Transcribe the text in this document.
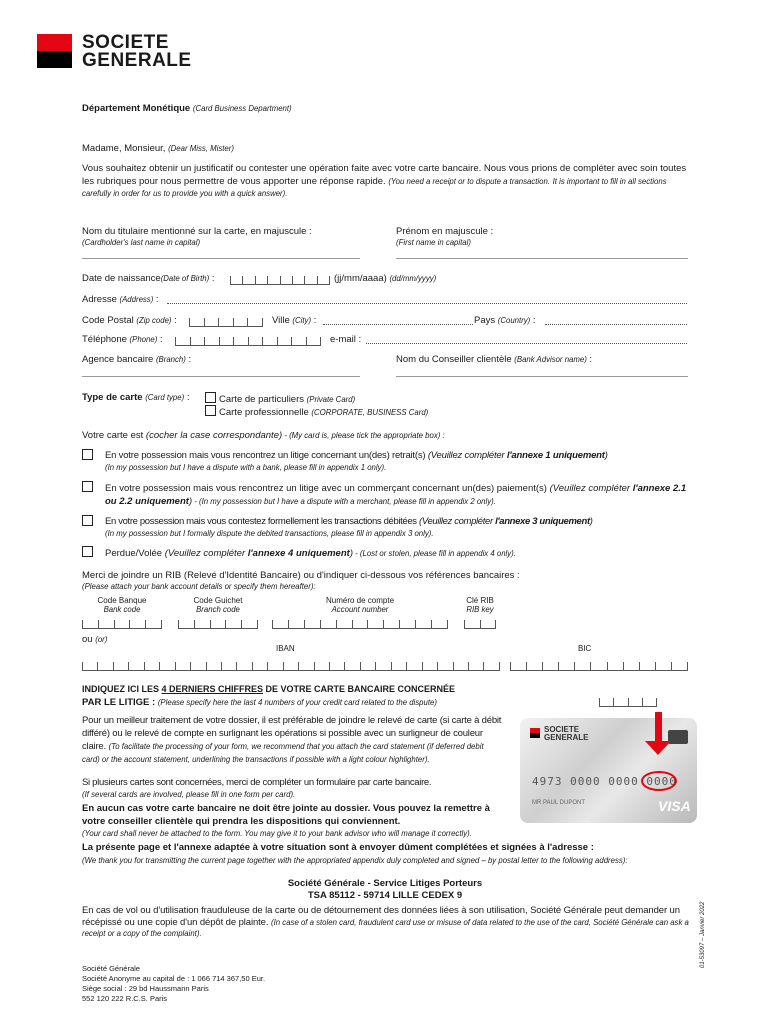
SOCIETE
GENERALE
Département Monétique (Card Business Department)
Madame, Monsieur, (Dear Miss, Mister)
Vous souhaitez obtenir un justificatif ou contester une opération faite avec votre carte bancaire. Nous vous prions de compléter avec soin toutes les rubriques pour nous permettre de vous apporter une réponse rapide. (You need a receipt or to dispute a transaction. It is important to fill in all sections carefully in order for us to provide you with a quick answer).
Nom du titulaire mentionné sur la carte, en majuscule :
(Cardholder's last name in capital)
Prénom en majuscule :
(First name in capital)
Date de naissance(Date of Birth) :	(jj/mm/aaaa) (dd/mm/yyyy)
Adresse (Address) :
Code Postal (Zip code) :	Ville (City) :	Pays (Country) :
Téléphone (Phone) :	e-mail :
Agence bancaire (Branch) :	Nom du Conseiller clientèle (Bank Advisor name) :
Type de carte (Card type) :	Carte de particuliers (Private Card)
Carte professionnelle (CORPORATE, BUSINESS Card)
Votre carte est (cocher la case correspondante) - (My card is, please tick the appropriate box) :
En votre possession mais vous rencontrez un litige concernant un(des) retrait(s) (Veuillez compléter l'annexe 1 uniquement)
(In my possession but I have a dispute with a bank, please fill in appendix 1 only).
En votre possession mais vous rencontrez un litige avec un commerçant concernant un(des) paiement(s) (Veuillez compléter l'annexe 2.1 ou 2.2 uniquement) - (In my possession but I have a dispute with a merchant, please fill in appendix 2 only).
En votre possession mais vous contestez formellement les transactions débitées (Veuillez compléter l'annexe 3 uniquement)
(In my possession but I formally dispute the debited transactions, please fill in appendix 3 only).
Perdue/Volée (Veuillez compléter l'annexe 4 uniquement) - (Lost or stolen, please fill in appendix 4 only).
Merci de joindre un RIB (Relevé d'Identité Bancaire) ou d'indiquer ci-dessous vos références bancaires :
(Please attach your bank account details or specify them hereafter):
Code Banque
Bank code
Code Guichet
Branch code
Numéro de compte
Account number
Clé RIB
RIB key
ou (or)
IBAN	BIC
INDIQUEZ ICI LES 4 DERNIERS CHIFFRES DE VOTRE CARTE BANCAIRE CONCERNÉE
PAR LE LITIGE : (Please specify here the last 4 numbers of your credit card related to the dispute)
Pour un meilleur traitement de votre dossier, il est préférable de joindre le relevé de carte (si carte à débit différé) ou le relevé de compte en surlignant les opérations si possible avec un surligneur de couleur claire. (To facilitate the processing of your form, we recommend that you attach the card statement (if deferred debit card) or the account statement, underlining the transactions if possible with a light colour highlighter).
Si plusieurs cartes sont concernées, merci de compléter un formulaire par carte bancaire.
(If several cards are involved, please fill in one form per card).
SOCIETE
GENERALE
4973 0000 0000 0000
MR PAUL DUPONT	VISA
En aucun cas votre carte bancaire ne doit être jointe au dossier. Vous pouvez la remettre à votre conseiller clientèle qui prendra les dispositions qui conviennent.
(Your card shall never be attached to the form. You may give it to your bank advisor who will manage it correctly).
La présente page et l'annexe adaptée à votre situation sont à envoyer dûment complétées et signées à l'adresse :
(We thank you for transmitting the current page together with the appropriated appendix duly completed and signed – by postal letter to the following address):
Société Générale - Service Litiges Porteurs
TSA 85112 - 59714 LILLE CEDEX 9
En cas de vol ou d'utilisation frauduleuse de la carte ou de détournement des données liées à son utilisation, Société Générale peut demander un récépissé ou une copie d'un dépôt de plainte. (In case of a stolen card, fraudulent card use or misuse of data related to the use of the card, Société Générale can ask a receipt or a copy of the complaint).
Société Générale
Société Anonyme au capital de : 1 066 714 367,50 Eur.
Siège social : 29 bd Haussmann Paris
552 120 222 R.C.S. Paris
01-53097 – Janvier 2022
